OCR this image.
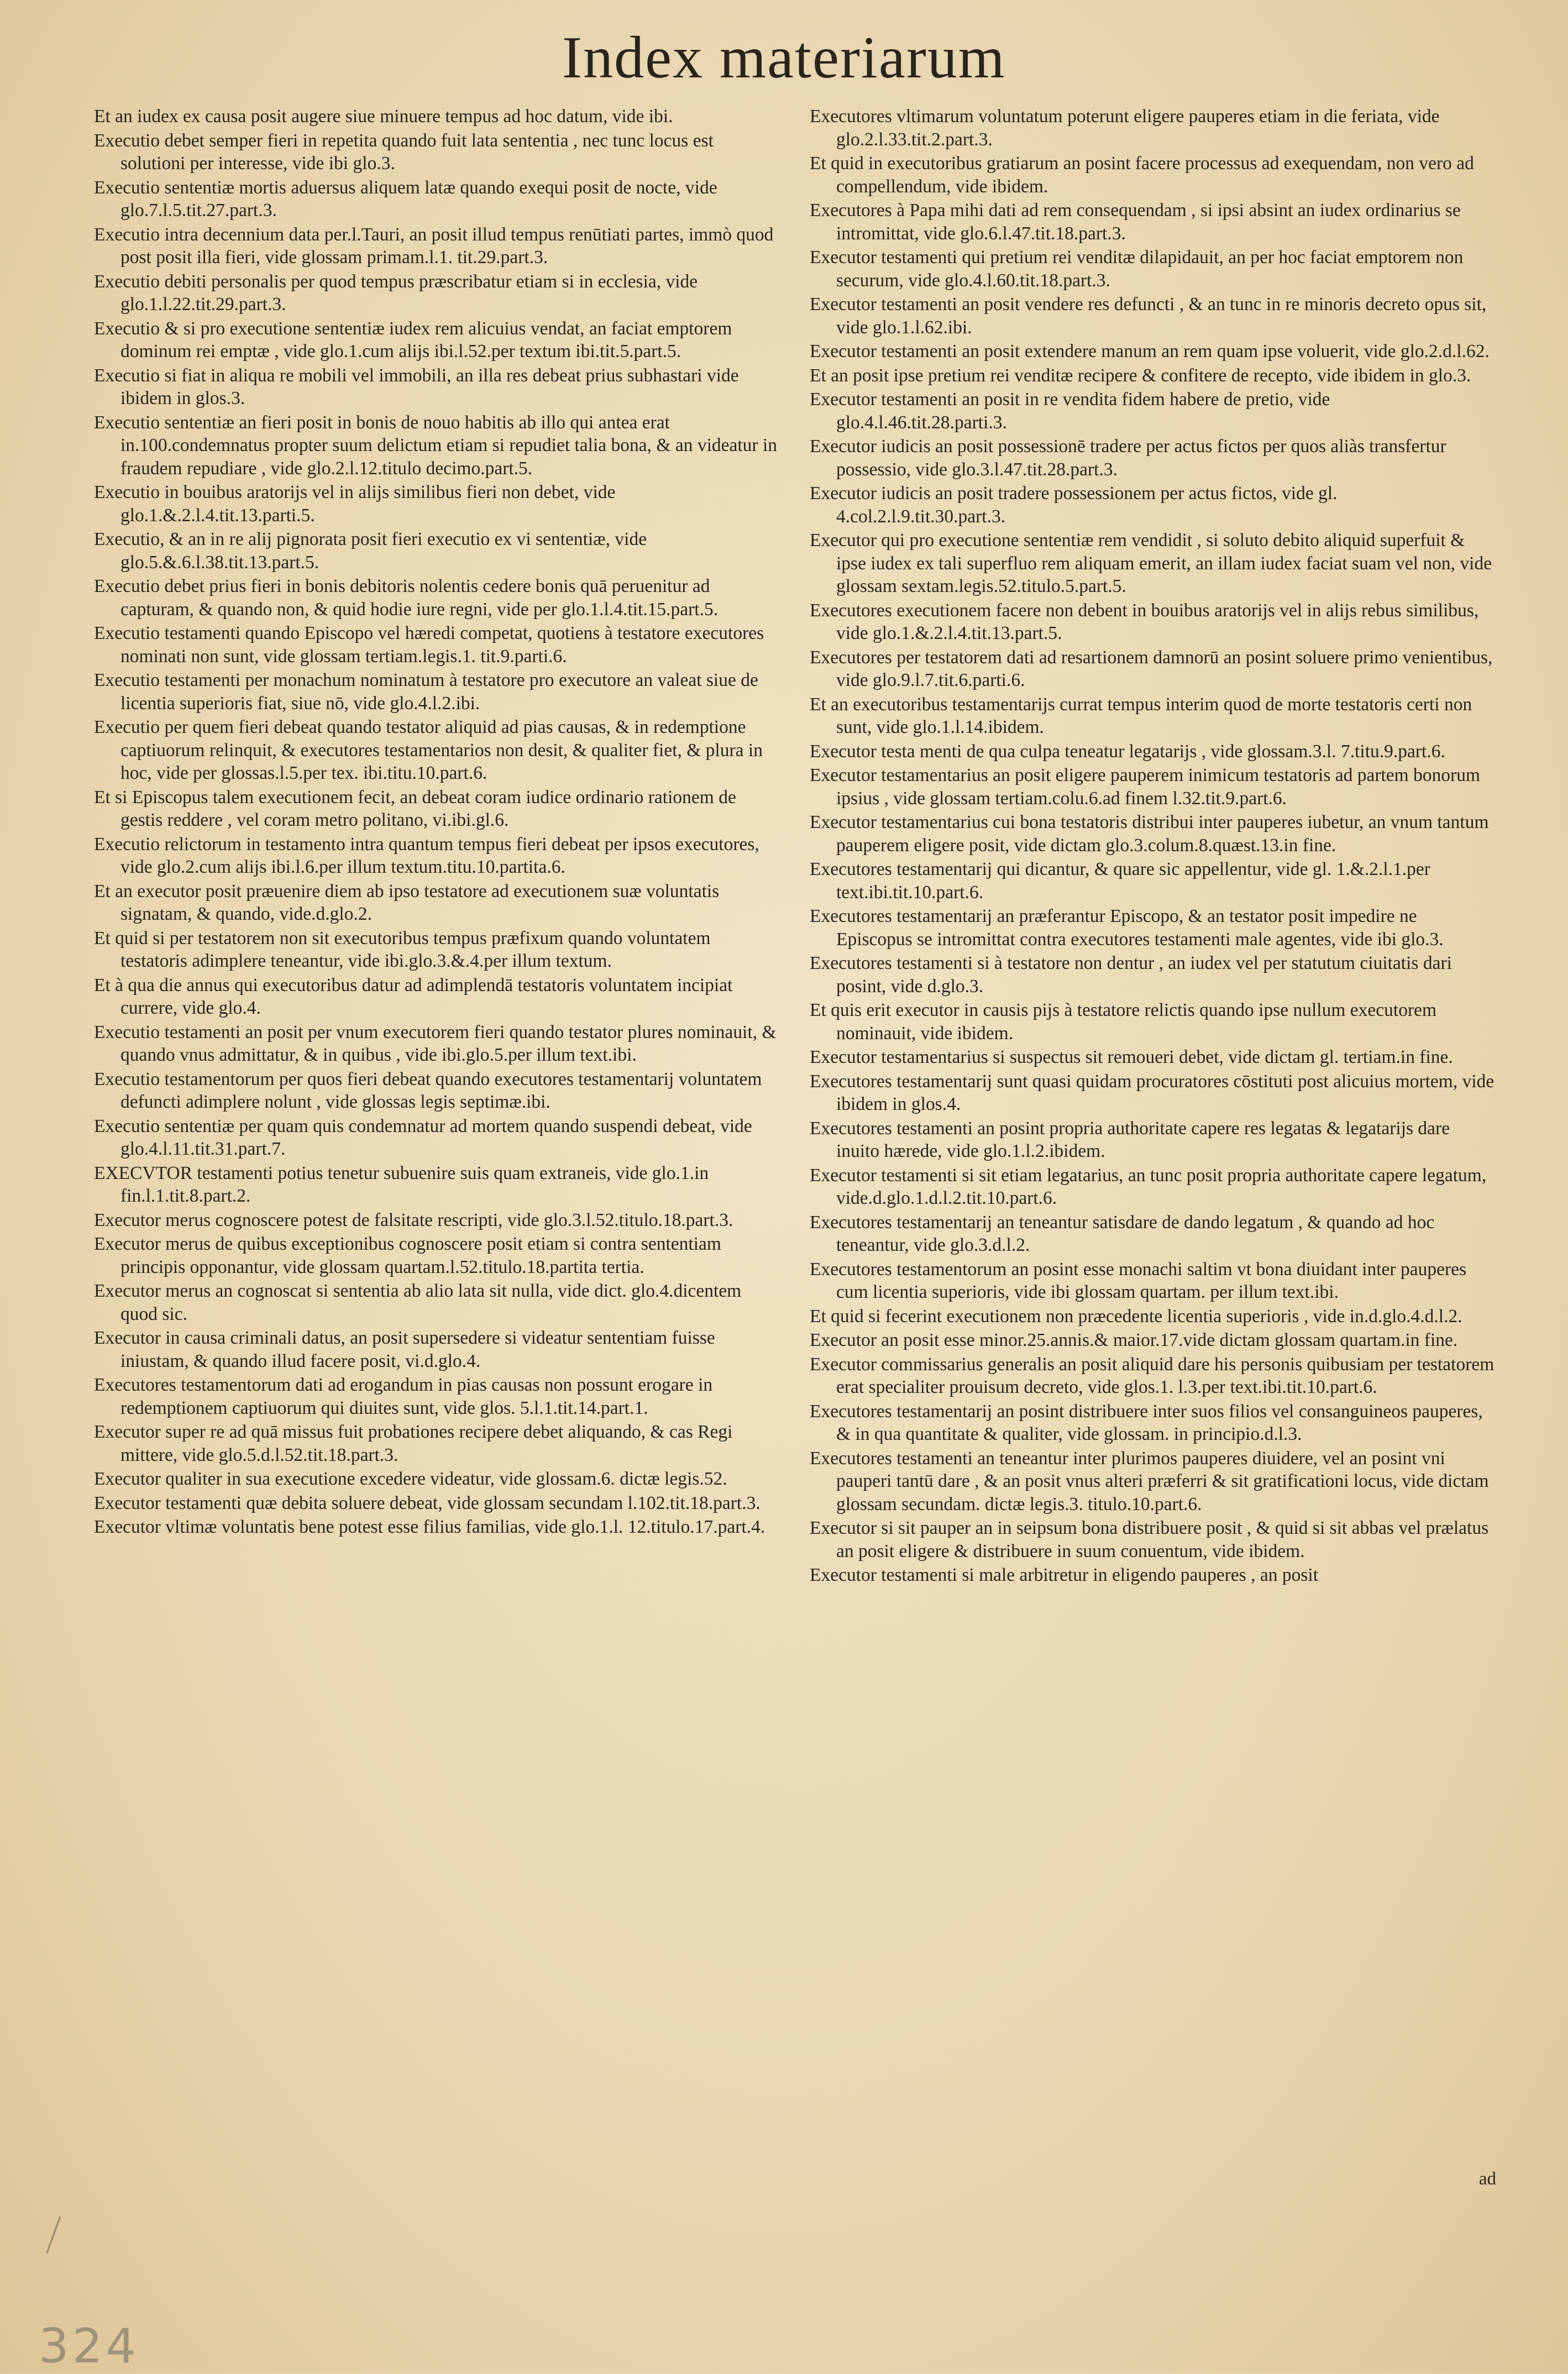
Index materiarum
Et an iudex ex causa posit augere siue minuere tempus ad hoc datum, vide ibi.
Executio debet semper fieri in repetita quando fuit lata sententia , nec tunc locus est solutioni per interesse, vide ibi glo.3.
Executio sententiæ mortis aduersus aliquem latæ quando exequi posit de nocte, vide glo.7.l.5.tit.27.part.3.
Executio intra decennium data per.l.Tauri, an posit illud tempus renūtiati partes, immò quod post posit illa fieri, vide glossam primam.l.1. tit.29.part.3.
Executio debiti personalis per quod tempus præscribatur etiam si in ecclesia, vide glo.1.l.22.tit.29.part.3.
Executio & si pro executione sententiæ iudex rem alicuius vendat, an faciat emptorem dominum rei emptæ , vide glo.1.cum alijs ibi.l.52.per textum ibi.tit.5.part.5.
Executio si fiat in aliqua re mobili vel immobili, an illa res debeat prius subhastari vide ibidem in glos.3.
Executio sententiæ an fieri posit in bonis de nouo habitis ab illo qui antea erat in.100.condemnatus propter suum delictum etiam si repudiet talia bona, & an videatur in fraudem repudiare , vide glo.2.l.12.titulo decimo.part.5.
Executio in bouibus aratorijs vel in alijs similibus fieri non debet, vide glo.1.&.2.l.4.tit.13.parti.5.
Executio, & an in re alij pignorata posit fieri executio ex vi sententiæ, vide glo.5.&.6.l.38.tit.13.part.5.
Executio debet prius fieri in bonis debitoris nolentis cedere bonis quā peruenitur ad capturam, & quando non, & quid hodie iure regni, vide per glo.1.l.4.tit.15.part.5.
Executio testamenti quando Episcopo vel hæredi competat, quotiens à testatore executores nominati non sunt, vide glossam tertiam.legis.1. tit.9.parti.6.
Executio testamenti per monachum nominatum à testatore pro executore an valeat siue de licentia superioris fiat, siue nō, vide glo.4.l.2.ibi.
Executio per quem fieri debeat quando testator aliquid ad pias causas, & in redemptione captiuorum relinquit, & executores testamentarios non desit, & qualiter fiet, & plura in hoc, vide per glossas.l.5.per tex. ibi.titu.10.part.6.
Et si Episcopus talem executionem fecit, an debeat coram iudice ordinario rationem de gestis reddere , vel coram metro politano, vi.ibi.gl.6.
Executio relictorum in testamento intra quantum tempus fieri debeat per ipsos executores, vide glo.2.cum alijs ibi.l.6.per illum textum.titu.10.partita.6.
Et an executor posit præuenire diem ab ipso testatore ad executionem suæ voluntatis signatam, & quando, vide.d.glo.2.
Et quid si per testatorem non sit executoribus tempus præfixum quando voluntatem testatoris adimplere teneantur, vide ibi.glo.3.&.4.per illum textum.
Et à qua die annus qui executoribus datur ad adimplendā testatoris voluntatem incipiat currere, vide glo.4.
Executio testamenti an posit per vnum executorem fieri quando testator plures nominauit, & quando vnus admittatur, & in quibus , vide ibi.glo.5.per illum text.ibi.
Executio testamentorum per quos fieri debeat quando executores testamentarij voluntatem defuncti adimplere nolunt , vide glossas legis septimæ.ibi.
Executio sententiæ per quam quis condemnatur ad mortem quando suspendi debeat, vide glo.4.l.11.tit.31.part.7.
EXECVTOR testamenti potius tenetur subuenire suis quam extraneis, vide glo.1.in fin.l.1.tit.8.part.2.
Executor merus cognoscere potest de falsitate rescripti, vide glo.3.l.52.titulo.18.part.3.
Executor merus de quibus exceptionibus cognoscere posit etiam si contra sententiam principis opponantur, vide glossam quartam.l.52.titulo.18.partita tertia.
Executor merus an cognoscat si sententia ab alio lata sit nulla, vide dict. glo.4.dicentem quod sic.
Executor in causa criminali datus, an posit supersedere si videatur sententiam fuisse iniustam, & quando illud facere posit, vi.d.glo.4.
Executores testamentorum dati ad erogandum in pias causas non possunt erogare in redemptionem captiuorum qui diuites sunt, vide glos. 5.l.1.tit.14.part.1.
Executor super re ad quā missus fuit probationes recipere debet aliquando, & cas Regi mittere, vide glo.5.d.l.52.tit.18.part.3.
Executor qualiter in sua executione excedere videatur, vide glossam.6. dictæ legis.52.
Executor testamenti quæ debita soluere debeat, vide glossam secundam l.102.tit.18.part.3.
Executor vltimæ voluntatis bene potest esse filius familias, vide glo.1.l. 12.titulo.17.part.4.
Executores vltimarum voluntatum poterunt eligere pauperes etiam in die feriata, vide glo.2.l.33.tit.2.part.3.
Et quid in executoribus gratiarum an posint facere processus ad exequendam, non vero ad compellendum, vide ibidem.
Executores à Papa mihi dati ad rem consequendam , si ipsi absint an iudex ordinarius se intromittat, vide glo.6.l.47.tit.18.part.3.
Executor testamenti qui pretium rei venditæ dilapidauit, an per hoc faciat emptorem non securum, vide glo.4.l.60.tit.18.part.3.
Executor testamenti an posit vendere res defuncti , & an tunc in re minoris decreto opus sit, vide glo.1.l.62.ibi.
Executor testamenti an posit extendere manum an rem quam ipse voluerit, vide glo.2.d.l.62.
Et an posit ipse pretium rei venditæ recipere & confitere de recepto, vide ibidem in glo.3.
Executor testamenti an posit in re vendita fidem habere de pretio, vide glo.4.l.46.tit.28.parti.3.
Executor iudicis an posit possessionē tradere per actus fictos per quos aliàs transfertur possessio, vide glo.3.l.47.tit.28.part.3.
Executor iudicis an posit tradere possessionem per actus fictos, vide gl. 4.col.2.l.9.tit.30.part.3.
Executor qui pro executione sententiæ rem vendidit , si soluto debito aliquid superfuit & ipse iudex ex tali superfluo rem aliquam emerit, an illam iudex faciat suam vel non, vide glossam sextam.legis.52.titulo.5.part.5.
Executores executionem facere non debent in bouibus aratorijs vel in alijs rebus similibus, vide glo.1.&.2.l.4.tit.13.part.5.
Executores per testatorem dati ad resartionem damnorū an posint soluere primo venientibus, vide glo.9.l.7.tit.6.parti.6.
Et an executoribus testamentarijs currat tempus interim quod de morte testatoris certi non sunt, vide glo.1.l.14.ibidem.
Executor testa menti de qua culpa teneatur legatarijs , vide glossam.3.l. 7.titu.9.part.6.
Executor testamentarius an posit eligere pauperem inimicum testatoris ad partem bonorum ipsius , vide glossam tertiam.colu.6.ad finem l.32.tit.9.part.6.
Executor testamentarius cui bona testatoris distribui inter pauperes iubetur, an vnum tantum pauperem eligere posit, vide dictam glo.3.colum.8.quæst.13.in fine.
Executores testamentarij qui dicantur, & quare sic appellentur, vide gl. 1.&.2.l.1.per text.ibi.tit.10.part.6.
Executores testamentarij an præferantur Episcopo, & an testator posit impedire ne Episcopus se intromittat contra executores testamenti male agentes, vide ibi glo.3.
Executores testamenti si à testatore non dentur , an iudex vel per statutum ciuitatis dari posint, vide d.glo.3.
Et quis erit executor in causis pijs à testatore relictis quando ipse nullum executorem nominauit, vide ibidem.
Executor testamentarius si suspectus sit remoueri debet, vide dictam gl. tertiam.in fine.
Executores testamentarij sunt quasi quidam procuratores cōstituti post alicuius mortem, vide ibidem in glos.4.
Executores testamenti an posint propria authoritate capere res legatas & legatarijs dare inuito hærede, vide glo.1.l.2.ibidem.
Executor testamenti si sit etiam legatarius, an tunc posit propria authoritate capere legatum, vide.d.glo.1.d.l.2.tit.10.part.6.
Executores testamentarij an teneantur satisdare de dando legatum , & quando ad hoc teneantur, vide glo.3.d.l.2.
Executores testamentorum an posint esse monachi saltim vt bona diuidant inter pauperes cum licentia superioris, vide ibi glossam quartam. per illum text.ibi.
Et quid si fecerint executionem non præcedente licentia superioris , vide in.d.glo.4.d.l.2.
Executor an posit esse minor.25.annis.& maior.17.vide dictam glossam quartam.in fine.
Executor commissarius generalis an posit aliquid dare his personis quibusiam per testatorem erat specialiter prouisum decreto, vide glos.1. l.3.per text.ibi.tit.10.part.6.
Executores testamentarij an posint distribuere inter suos filios vel consanguineos pauperes, & in qua quantitate & qualiter, vide glossam. in principio.d.l.3.
Executores testamenti an teneantur inter plurimos pauperes diuidere, vel an posint vni pauperi tantū dare , & an posit vnus alteri præferri & sit gratificationi locus, vide dictam glossam secundam. dictæ legis.3. titulo.10.part.6.
Executor si sit pauper an in seipsum bona distribuere posit , & quid si sit abbas vel prælatus an posit eligere & distribuere in suum conuentum, vide ibidem.
Executor testamenti si male arbitretur in eligendo pauperes , an posit
ad
324
